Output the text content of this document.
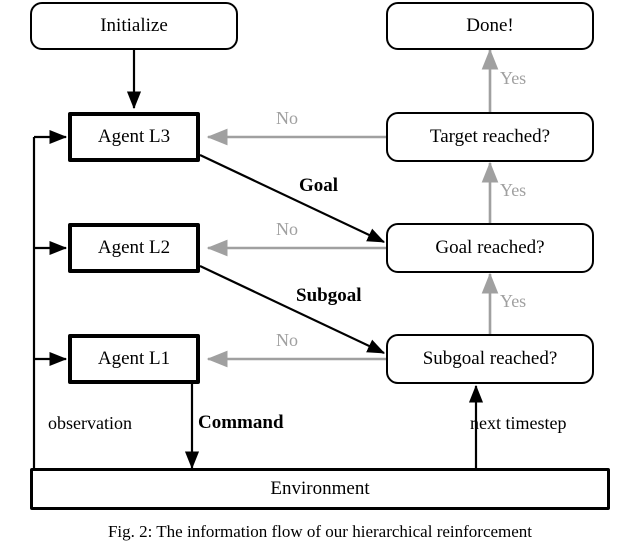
Initialize	Done!
Agent L3
Agent L2
Agent L1
Target reached?
Goal reached?
Subgoal reached?
Environment
Yes
Yes
Yes
No
No
No
Goal
Subgoal
Command
observation	next timestep
Fig. 2: The information flow of our hierarchical reinforcement
